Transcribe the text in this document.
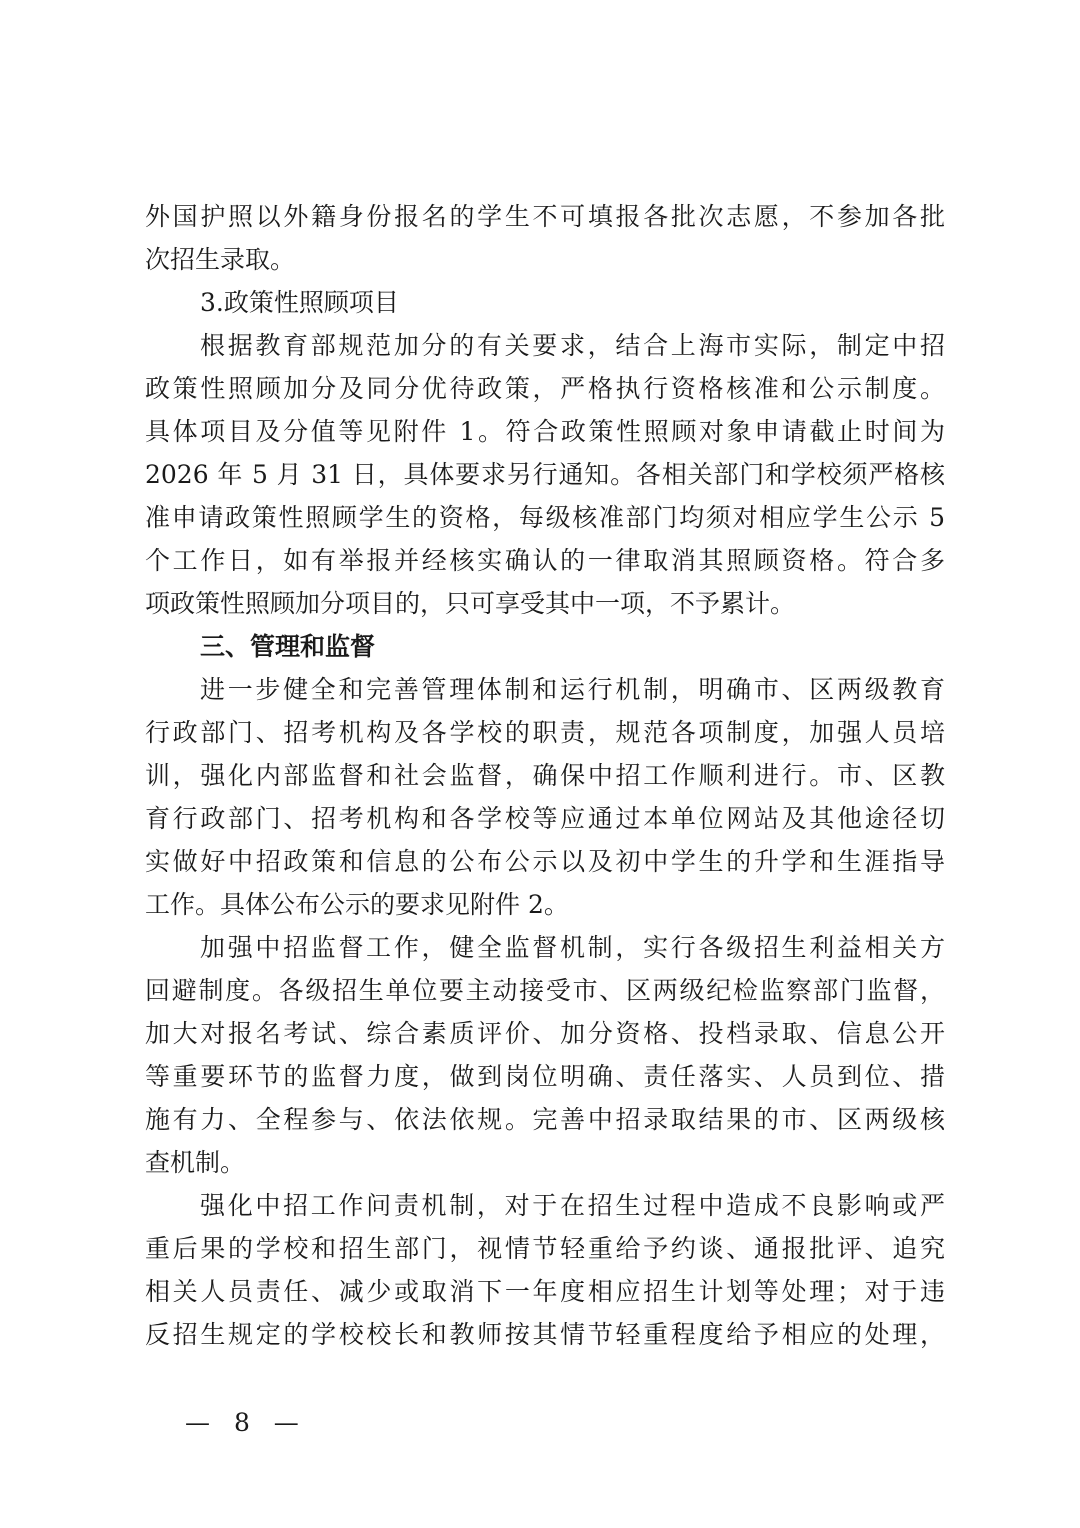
外国护照以外籍身份报名的学生不可填报各批次志愿，不参加各批
次招生录取。
3.政策性照顾项目
根据教育部规范加分的有关要求，结合上海市实际，制定中招
政策性照顾加分及同分优待政策，严格执行资格核准和公示制度。
具体项目及分值等见附件 1。符合政策性照顾对象申请截止时间为
2026 年 5 月 31 日，具体要求另行通知。各相关部门和学校须严格核
准申请政策性照顾学生的资格，每级核准部门均须对相应学生公示 5
个工作日，如有举报并经核实确认的一律取消其照顾资格。符合多
项政策性照顾加分项目的，只可享受其中一项，不予累计。
三、管理和监督
进一步健全和完善管理体制和运行机制，明确市、区两级教育
行政部门、招考机构及各学校的职责，规范各项制度，加强人员培
训，强化内部监督和社会监督，确保中招工作顺利进行。市、区教
育行政部门、招考机构和各学校等应通过本单位网站及其他途径切
实做好中招政策和信息的公布公示以及初中学生的升学和生涯指导
工作。具体公布公示的要求见附件 2。
加强中招监督工作，健全监督机制，实行各级招生利益相关方
回避制度。各级招生单位要主动接受市、区两级纪检监察部门监督，
加大对报名考试、综合素质评价、加分资格、投档录取、信息公开
等重要环节的监督力度，做到岗位明确、责任落实、人员到位、措
施有力、全程参与、依法依规。完善中招录取结果的市、区两级核
查机制。
强化中招工作问责机制，对于在招生过程中造成不良影响或严
重后果的学校和招生部门，视情节轻重给予约谈、通报批评、追究
相关人员责任、减少或取消下一年度相应招生计划等处理；对于违
反招生规定的学校校长和教师按其情节轻重程度给予相应的处理，
— 8 —
